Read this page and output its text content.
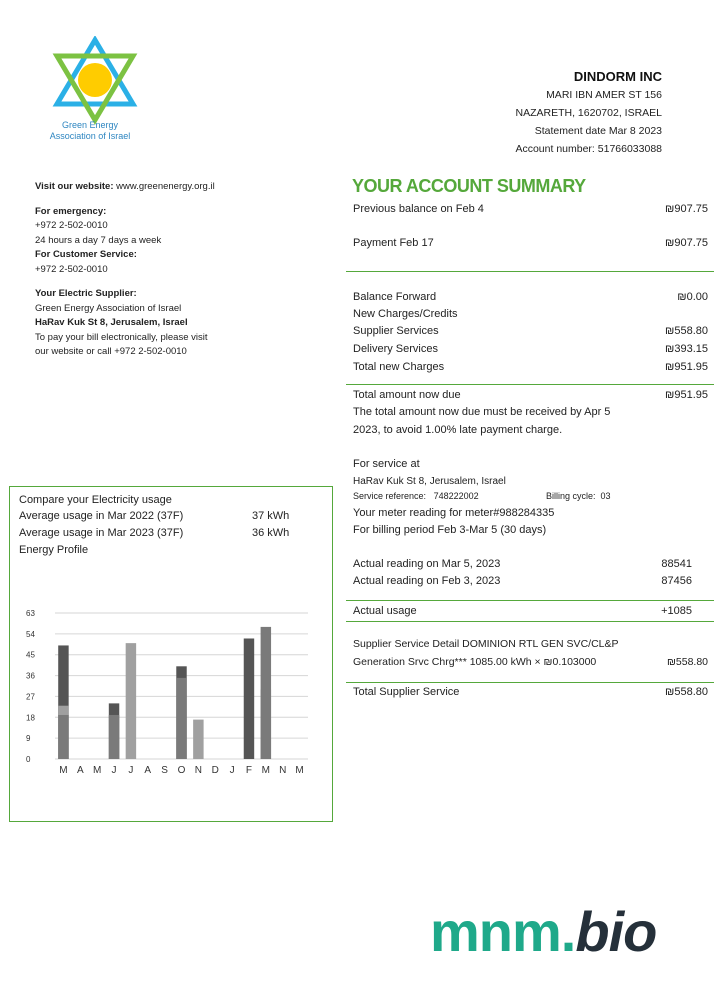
Green Energy
Association of Israel
DINDORM INC
MARI IBN AMER ST 156
NAZARETH, 1620702, ISRAEL
Statement date Mar 8 2023
Account number: 51766033088
Visit our website: www.greenenergy.org.il
For emergency:
+972 2-502-0010
24 hours a day 7 days a week
For Customer Service:
+972 2-502-0010
Your Electric Supplier:
Green Energy Association of Israel
HaRav Kuk St 8, Jerusalem, Israel
To pay your bill electronically, please visit
our website or call +972 2-502-0010
YOUR ACCOUNT SUMMARY
Previous balance on Feb 4	₪907.75
Payment Feb 17	₪907.75
Balance Forward	₪0.00
New Charges/Credits
Supplier Services	₪558.80
Delivery Services	₪393.15
Total new Charges	₪951.95
Total amount now due	₪951.95
The total amount now due must be received by Apr 5
2023, to avoid 1.00% late payment charge.
For service at
HaRav Kuk St 8, Jerusalem, Israel
Service reference: 748222002	Billing cycle: 03
Your meter reading for meter#988284335
For billing period Feb 3-Mar 5 (30 days)
Actual reading on Mar 5, 2023	88541
Actual reading on Feb 3, 2023	87456
Actual usage	+1085
Supplier Service Detail DOMINION RTL GEN SVC/CL&P
Generation Srvc Chrg*** 1085.00 kWh × ₪0.103000	₪558.80
Total Supplier Service	₪558.80
Compare your Electricity usage
Average usage in Mar 2022 (37F)	37 kWh
Average usage in Mar 2023 (37F)	36 kWh
Energy Profile
0
9
18
27
36
45
54
63
M A M J J A S O N D J F M N M
mnm.bio
